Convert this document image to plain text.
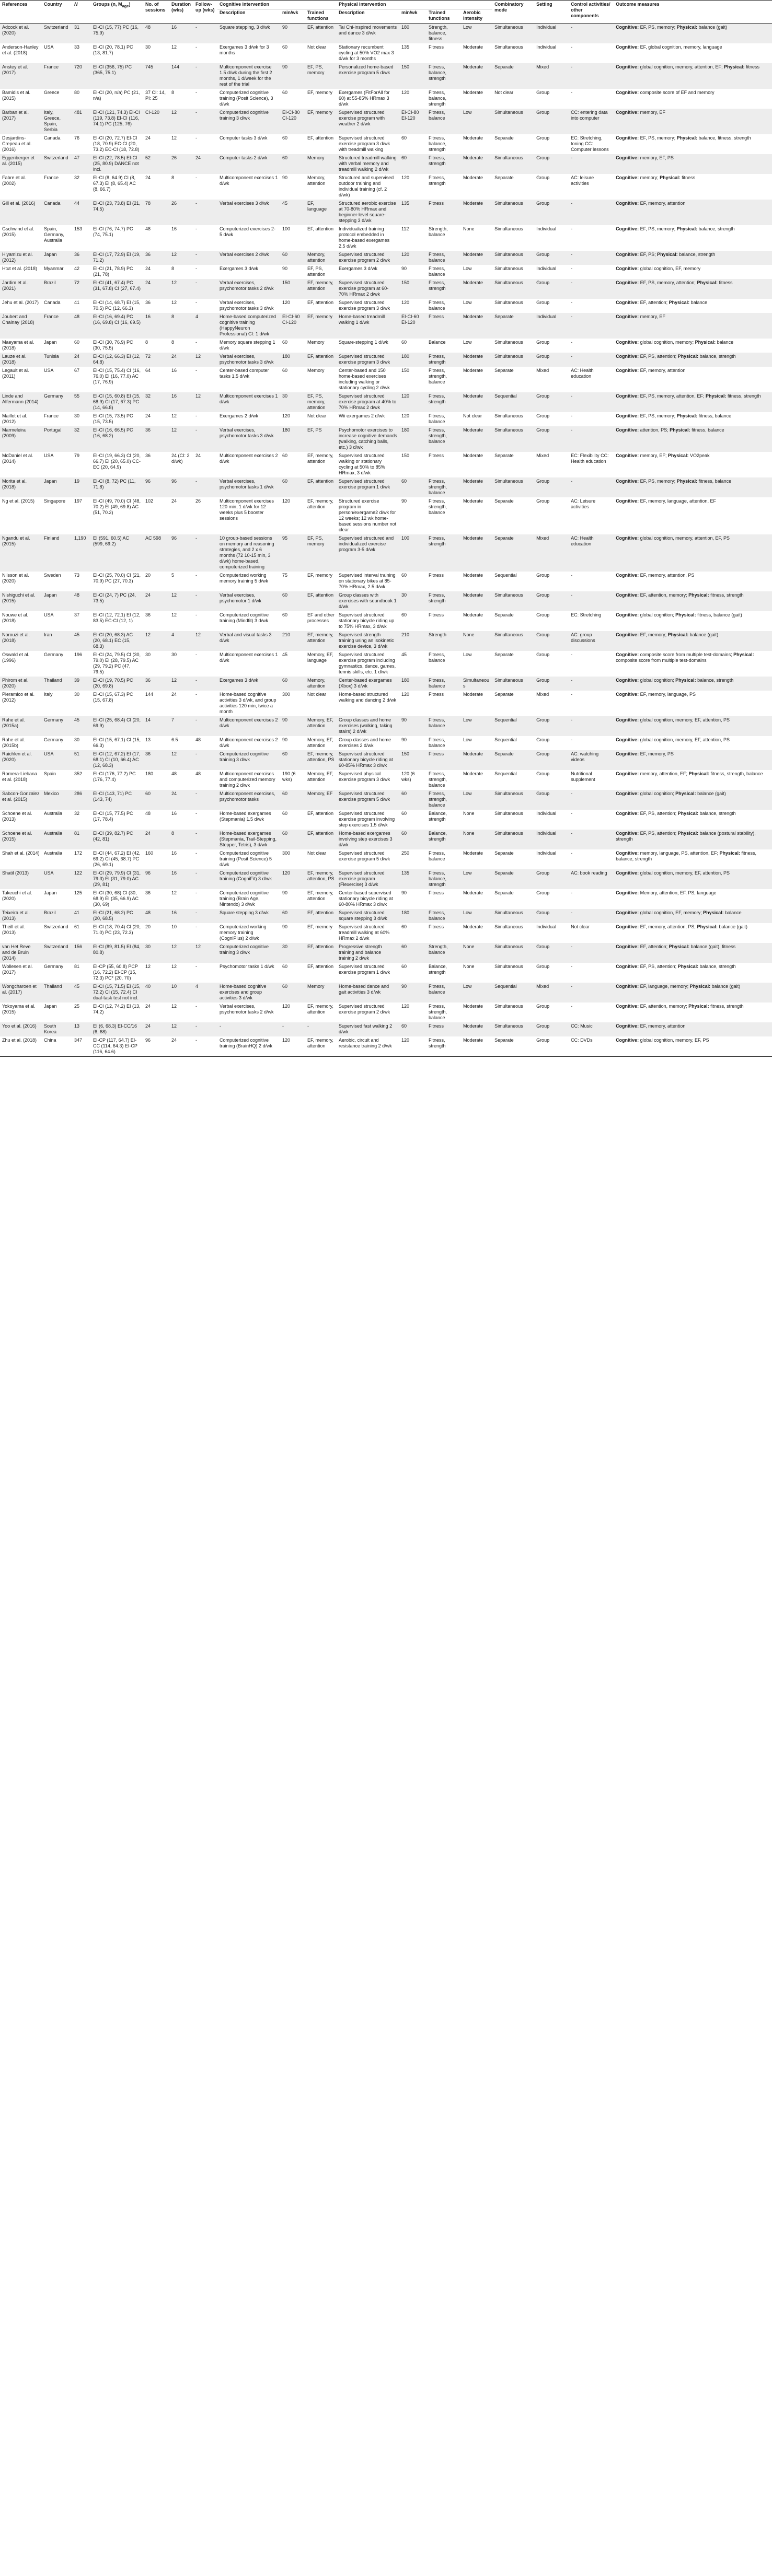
References	Country	N	Groups (n, $M_{age}$)	No. of sessions	Duration (wks)	Follow-up (wks)	Cognitive intervention			Physical intervention				Combinatory mode	Setting	Control activities/ other components	Outcome measures
							Description	min/wk	Trained functions	Description	min/wk	Trained functions	Aerobic intensity				
Adcock et al. (2020)	Switzerland	31	EI-CI (15, 77) PC (16, 75.9)	48	16	-	Square stepping, 3 d/wk	90	EF, attention	Tai Chi-inspired movements and dance 3 d/wk	180	Strength, balance, fitness	Low	Simultaneous	Individual	-	Cognitive: EF, PS, memory; Physical: balance (gait)
Anderson-Hanley et al. (2018)	USA	33	EI-CI (20, 78.1) PC (13, 81.7)	30	12	-	Exergames 3 d/wk for 3 months	60	Not clear	Stationary recumbent cycling at 50% VO2 max 3 d/wk for 3 months	135	Fitness	Moderate	Simultaneous	Individual	-	Cognitive: EF, global cognition, memory, language
Anstey et al. (2017)	France	720	EI-CI (356, 75) PC (365, 75.1)	745	144	-	Multicomponent exercise 1.5 d/wk during the first 2 months, 1 d/week for the rest of the trial	90	EF, PS, memory	Personalized home-based exercise program 5 d/wk	150	Fitness, balance, strength	Moderate	Separate	Mixed	-	Cognitive: global cognition, memory, attention, EF; Physical: fitness
Bamidis et al. (2015)	Greece	80	EI-CI (20, n/a) PC (21, n/a)	37 CI: 14, PI: 25	8	-	Computerized cognitive training (Posit Science), 3 d/wk	60	EF, memory	Exergames (FitForAll for 60) at 55-85% HRmax 3 d/wk	120	Fitness, balance, strength	Moderate	Not clear	Group	-	Cognitive: composite score of EF and memory
Barban et al. (2017)	Italy, Greece, Spain, Serbia	481	EI-CI (121, 74.3) EI-CI (119, 73.8) EI-CI (116, 74.1) PC (125, 76)	CI-120	12	-	Computerized cognitive training 3 d/wk	EI-CI-80 CI-120	EF, memory	Supervised structured exercise program with weather 2 d/wk	EI-CI-80 EI-120	Fitness, balance	Low	Simultaneous	Group	CC: entering data into computer	Cognitive: memory, EF
Desjardins-Crepeau et al. (2016)	Canada	76	EI-CI (20, 72.7) EI-CI (18, 70.9) EC-CI (20, 73.2) EC-CI (18, 72.8)	24	12	-	Computer tasks 3 d/wk	60	EF, attention	Supervised structured exercise program 3 d/wk with treadmill walking	60	Fitness, balance, strength	Moderate	Separate	Group	EC: Stretching, toning CC: Computer lessons	Cognitive: EF, PS, memory; Physical: balance, fitness, strength
Eggenberger et al. (2015)	Switzerland	47	EI-CI (22, 78.5) EI-CI (25, 80.9) DANCE not incl.	52	26	24	Computer tasks 2 d/wk	60	Memory	Structured treadmill walking with verbal memory and treadmill walking 2 d/wk	60	Fitness, strength	Moderate	Simultaneous	Group	-	Cognitive: memory, EF, PS
Fabre et al. (2002)	France	32	EI-CI (8, 64.9) CI (8, 67.3) EI (8, 65.4) AC (8, 66.7)	24	8	-	Multicomponent exercises 1 d/wk	90	Memory, attention	Structured and supervised outdoor training and individual training (cf. 2 d/wk)	120	Fitness, strength	Moderate	Separate	Group	AC: leisure activities	Cognitive: memory; Physical: fitness
Gill et al. (2016)	Canada	44	EI-CI (23, 73.8) EI (21, 74.5)	78	26	-	Verbal exercises 3 d/wk	45	EF, language	Structured aerobic exercise at 70-80% HRmax and beginner-level square-stepping 3 d/wk	135	Fitness	Moderate	Simultaneous	Group	-	Cognitive: EF, memory, attention
Gschwind et al. (2015)	Spain, Germany, Australia	153	EI-CI (76, 74.7) PC (74, 75.1)	48	16	-	Computerized exercises 2-5 d/wk	100	EF, attention	Individualized training protocol embedded in home-based exergames 2.5 d/wk	112	Strength, balance	None	Simultaneous	Individual	-	Cognitive: EF, PS, memory; Physical: balance, strength
Hiyamizu et al. (2012)	Japan	36	EI-CI (17, 72.9) EI (19, 71.2)	36	12	-	Verbal exercises 2 d/wk	60	Memory, attention	Supervised structured exercise program 2 d/wk	120	Fitness, balance	Moderate	Simultaneous	Group	-	Cognitive: EF, PS; Physical: balance, strength
Htut et al. (2018)	Myanmar	42	EI-CI (21, 78.9) PC (21, 78)	24	8	-	Exergames 3 d/wk	90	EF, PS, attention	Exergames 3 d/wk	90	Fitness, balance	Low	Simultaneous	Individual	-	Cognitive: global cognition, EF, memory
Jardim et al. (2021)	Brazil	72	EI-CI (41, 67.4) PC (31, 67.8) CI (27, 67.4)	24	12	-	Verbal exercises, psychomotor tasks 2 d/wk	150	EF, memory, attention	Supervised structured exercise program at 60-70% HRmax 2 d/wk	150	Fitness, strength	Moderate	Simultaneous	Group	-	Cognitive: EF, PS, memory, attention; Physical: fitness
Jehu et al. (2017)	Canada	41	EI-CI (14, 68.7) EI (15, 70.5) PC (12, 66.3)	36	12	-	Verbal exercises, psychomotor tasks 3 d/wk	120	EF, attention	Supervised structured exercise program 3 d/wk	120	Fitness, balance	Low	Simultaneous	Group	-	Cognitive: EF, attention; Physical: balance
Joubert and Chainay (2018)	France	48	EI-CI (16, 69.4) PC (16, 69.8) CI (16, 69.5)	16	8	4	Home-based computerized cognitive training (HappyNeuron Professional) CI: 1 d/wk	EI-CI-60 CI-120	EF, memory	Home-based treadmill walking 1 d/wk	EI-CI-60 EI-120	Fitness	Moderate	Separate	Individual	-	Cognitive: memory, EF
Maeyama et al. (2018)	Japan	60	EI-CI (30, 76.9) PC (30, 75.5)	8	8	-	Memory square stepping 1 d/wk	60	Memory	Square-stepping 1 d/wk	60	Balance	Low	Simultaneous	Group	-	Cognitive: global cognition, memory; Physical: balance
Lauze et al. (2018)	Tunisia	24	EI-CI (12, 66.3) EI (12, 64.8)	72	24	12	Verbal exercises, psychomotor tasks 3 d/wk	180	EF, attention	Supervised structured exercise program 3 d/wk	180	Fitness, strength	Moderate	Simultaneous	Group	-	Cognitive: EF, PS, attention; Physical: balance, strength
Legault et al. (2011)	USA	67	EI-CI (15, 75.4) CI (16, 76.0) EI (16, 77.0) AC (17, 76.9)	64	16	-	Center-based computer tasks 1.5 d/wk	60	Memory	Center-based and 150 home-based exercises including walking or stationary cycling 2 d/wk	150	Fitness, strength, balance	Moderate	Separate	Mixed	AC: Health education	Cognitive: EF, memory, attention
Linde and Alfermann (2014)	Germany	55	EI-CI (15, 60.8) EI (15, 68.9) CI (17, 67.3) PC (14, 66.8)	32	16	12	Multicomponent exercises 1 d/wk	30	EF, PS, memory, attention	Supervised structured exercise program at 40% to 70% HRmax 2 d/wk	120	Fitness, strength	Moderate	Sequential	Group	-	Cognitive: EF, PS, memory, attention, EF; Physical: fitness, strength
Maillot et al. (2012)	France	30	EI-CI (15, 73.5) PC (15, 73.5)	24	12	-	Exergames 2 d/wk	120	Not clear	Wii exergames 2 d/wk	120	Fitness, balance	Not clear	Simultaneous	Group	-	Cognitive: EF, PS, memory; Physical: fitness, balance
Marmeleira (2009)	Portugal	32	EI-CI (16, 66.5) PC (16, 68.2)	36	12	-	Verbal exercises, psychomotor tasks 3 d/wk	180	EF, PS	Psychomotor exercises to increase cognitive demands (walking, catching balls, etc.) 3 d/wk	180	Fitness, strength, balance	Moderate	Simultaneous	Group	-	Cognitive: attention, PS; Physical: fitness, balance
McDaniel et al. (2014)	USA	79	EI-CI (19, 66.3) CI (20, 66.7) EI (20, 65.0) CC-EC (20, 64.9)	36	24 (CI: 2 d/wk)	24	Multicomponent exercises 2 d/wk	60	EF, memory, attention	Supervised structured walking or stationary cycling at 50% to 85% HRmax, 3 d/wk	150	Fitness	Moderate	Separate	Mixed	EC: Flexibility CC: Health education	Cognitive: memory, EF; Physical: VO2peak
Morita et al. (2018)	Japan	19	EI-CI (8, 72) PC (11, 71.8)	96	96	-	Verbal exercises, psychomotor tasks 1 d/wk	60	EF, attention	Supervised structured exercise program 1 d/wk	60	Fitness, strength, balance	Moderate	Simultaneous	Group	-	Cognitive: EF, PS, memory; Physical: fitness, balance
Ng et al. (2015)	Singapore	197	EI-CI (49, 70.0) CI (48, 70.2) EI (49, 69.8) AC (51, 70.2)	102	24	26	Multicomponent exercises 120 min, 1 d/wk for 12 weeks plus 5 booster sessions	120	EF, memory, attention	Structured exercise program in person/exergame2 d/wk for 12 weeks; 12 wk home-based sessions number not clear	90	Fitness, strength, balance	Moderate	Separate	Group	AC: Leisure activities	Cognitive: EF, memory, language, attention, EF
Ngandu et al. (2015)	Finland	1,190	EI (591, 60.5) AC (599, 69.2)	AC 598	96	-	10 group-based sessions on memory and reasoning strategies, and 2 x 6 months (72 10-15 min, 3 d/wk) home-based, computerized training	95	EF, PS, memory	Supervised structured and individualized exercise program 3-5 d/wk	100	Fitness, strength	Moderate	Separate	Mixed	AC: Health education	Cognitive: global cognition, memory, attention, EF, PS
Nilsson et al. (2020)	Sweden	73	EI-CI (25, 70.0) CI (21, 70.9) PC (27, 70.3)	20	5	-	Computerized working memory training 5 d/wk	75	EF, memory	Supervised interval training on stationary bikes at 85-70% HRmax, 2.5 d/wk	60	Fitness	Moderate	Sequential	Group	-	Cognitive: EF, memory, attention, PS
Nishiguchi et al. (2015)	Japan	48	EI-CI (24, 7) PC (24, 73.5)	24	12	-	Verbal exercises, psychomotor 1 d/wk	60	EF, attention	Group classes with exercises with soundbook 1 d/wk	30	Fitness, strength	Moderate	Simultaneous	Group	-	Cognitive: EF, attention, memory; Physical: fitness, strength
Nouwe et al. (2018)	USA	37	EI-CI (12, 72.1) EI (12, 83.5) EC-CI (12, 1)	36	12	-	Computerized cognitive training (Mindfit) 3 d/wk	60	EF and other processes	Supervised structured stationary bicycle riding up to 75% HRmax, 3 d/wk	60	Fitness	Moderate	Separate	Group	EC: Stretching	Cognitive: global cognition; Physical: fitness, balance (gait)
Norouzi et al. (2018)	Iran	45	EI-CI (20, 68.3) AC (20, 68.1) EC (15, 68.3)	12	4	12	Verbal and visual tasks 3 d/wk	210	EF, memory, attention	Supervised strength training using an isokinetic exercise device, 3 d/wk	210	Strength	None	Simultaneous	Group	AC: group discussions	Cognitive: EF, memory; Physical: balance (gait)
Oswald et al. (1996)	Germany	196	EI-CI (24, 79.5) CI (30, 79.0) EI (28, 79.5) AC (29, 79.2) PC (47, 79.5)	30	30	-	Multicomponent exercises 1 d/wk	45	Memory, EF, language	Supervised structured exercise program including gymnastics, dance, games, tennis skills, etc. 1 d/wk	45	Fitness, balance	Low	Separate	Group	-	Cognitive: composite score from multiple test-domains; Physical: composite score from multiple test-domains
Phirom et al. (2020)	Thailand	39	EI-CI (19, 70.5) PC (20, 69.8)	36	12	-	Exergames 3 d/wk	60	Memory, attention	Center-based exergames (Xbox) 3 d/wk	180	Fitness, balance	Simultaneous	Simultaneous	Group	-	Cognitive: global cognition; Physical: balance, strength
Pieramico et al. (2012)	Italy	30	EI-CI (15, 67.3) PC (15, 67.8)	144	24	-	Home-based cognitive activities 3 d/wk, and group activities 120 min, twice a month	300	Not clear	Home-based structured walking and dancing 2 d/wk	120	Fitness	Moderate	Separate	Mixed	-	Cognitive: EF, memory, language, PS
Rahe et al. (2015a)	Germany	45	EI-CI (25, 68.4) CI (20, 69.9)	14	7	-	Multicomponent exercises 2 d/wk	90	Memory, EF, attention	Group classes and home exercises (walking, taking stairs) 2 d/wk	90	Fitness, balance	Low	Sequential	Group	-	Cognitive: global cognition, memory, EF, attention, PS
Rahe et al. (2015b)	Germany	30	EI-CI (15, 67.1) CI (15, 66.3)	13	6.5	48	Multicomponent exercises 2 d/wk	90	Memory, EF, attention	Group classes and home exercises 2 d/wk	90	Fitness, balance	Low	Sequential	Group	-	Cognitive: global cognition, memory, EF, attention, PS
Raichlen et al. (2020)	USA	51	EI-CI (12, 67.2) EI (17, 68.1) CI (10, 66.4) AC (12, 68.3)	36	12	-	Computerized cognitive training 3 d/wk	60	EF, memory, attention, PS	Supervised structured stationary bicycle riding at 60-85% HRmax 3 d/wk	150	Fitness	Moderate	Separate	Group	AC: watching videos	Cognitive: EF, memory, PS
Romera-Liebana et al. (2018)	Spain	352	EI-CI (176, 77.2) PC (176, 77.4)	180	48	48	Multicomponent exercises and computerized memory training 2 d/wk	190 (6 wks)	Memory, EF, attention	Supervised physical exercise program 3 d/wk	120 (6 wks)	Fitness, strength, balance	Moderate	Sequential	Group	Nutritional supplement	Cognitive: memory, attention, EF; Physical: fitness, strength, balance
Sabcon-Gonzalez et al. (2015)	Mexico	286	EI-CI (143, 71) PC (143, 74)	60	24	-	Multicomponent exercises, psychomotor tasks	60	Memory, EF	Supervised structured exercise program 5 d/wk	60	Fitness, strength, balance	Low	Simultaneous	Group	-	Cognitive: global cognition; Physical: balance (gait)
Schoene et al. (2013)	Australia	32	EI-CI (15, 77.5) PC (17, 78.4)	48	16	-	Home-based exergames (Stepmania) 1.5 d/wk	60	EF, attention	Supervised structured exercise program involving step exercises 1.5 d/wk	60	Balance, strength	None	Simultaneous	Individual	-	Cognitive: EF, PS, attention; Physical: balance, strength
Schoene et al. (2015)	Australia	81	EI-CI (39, 82.7) PC (42, 81)	24	8	-	Home-based exergames (Stepmania, Trail-Stepping, Stepper, Tetris), 3 d/wk	60	EF, attention	Home-based exergames involving step exercises 3 d/wk	60	Balance, strength	None	Simultaneous	Individual	-	Cognitive: EF, PS, attention; Physical: balance (postural stability), strength
Shah et al. (2014)	Australia	172	EI-CI (44, 67.2) EI (42, 69.2) CI (45, 68.7) PC (26, 69.1)	160	16	-	Computerized cognitive training (Posit Science) 5 d/wk	300	Not clear	Supervised structured exercise program 5 d/wk	250	Fitness, balance	Moderate	Separate	Individual	-	Cognitive: memory, language, PS, attention, EF; Physical: fitness, balance, strength
Shatil (2013)	USA	122	EI-CI (29, 79.9) CI (31, 79.3) EI (31, 79.0) AC (29, 81)	96	16	-	Computerized cognitive training (CogniFit) 3 d/wk	120	EF, memory, attention, PS	Supervised structured exercise program (Flexercise) 3 d/wk	135	Fitness, balance, strength	Low	Separate	Group	AC: book reading	Cognitive: global cognition, memory, EF, attention, PS
Takeuchi et al. (2020)	Japan	125	EI-CI (30, 68) CI (30, 68.9) EI (35, 66.9) AC (30, 69)	36	12	-	Computerized cognitive training (Brain Age, Nintendo) 3 d/wk	90	EF, memory, attention	Center-based supervised stationary bicycle riding at 60-80% HRmax 3 d/wk	90	Fitness	Moderate	Separate	Group	-	Cognitive: Memory, attention, EF, PS, language
Teixeira et al. (2013)	Brazil	41	EI-CI (21, 68.2) PC (20, 68.5)	48	16	-	Square stepping 3 d/wk	60	EF, attention	Supervised structured square stepping 3 d/wk	180	Fitness, balance	Low	Simultaneous	Group	-	Cognitive: global cognition, EF, memory; Physical: balance
Theill et al. (2013)	Switzerland	61	EI-CI (18, 70.4) CI (20, 71.0) PC (23, 72.3)	20	10	-	Computerized working memory training (CogniPlus) 2 d/wk	90	EF, memory	Supervised structured treadmill walking at 60% HRmax 2 d/wk	60	Fitness	Moderate	Simultaneous	Individual	Not clear	Cognitive: EF, memory, attention, PS; Physical: balance (gait)
van Het Reve and de Bruin (2014)	Switzerland	156	EI-CI (89, 81.5) EI (84, 80.8)	30	12	12	Computerized cognitive training 3 d/wk	30	EF, attention	Progressive strength training and balance training 2 d/wk	60	Strength, balance	None	Simultaneous	Group	-	Cognitive: EF, attention; Physical: balance (gait), fitness
Wollesen et al. (2017)	Germany	81	EI-CP (55, 60.8) PCP (16, 72.2) EI-CP (15, 72.3) PC* (20, 70)	12	12	-	Psychomotor tasks 1 d/wk	60	EF, attention	Supervised structured exercise program 1 d/wk	60	Balance, strength	None	Simultaneous	Group	-	Cognitive: EF, PS, attention; Physical: balance, strength
Wongcharoen et al. (2017)	Thailand	45	EI-CI (15, 71.5) EI (15, 72.2) CI (15, 72.4) CI dual-task test not incl.	40	10	4	Home-based cognitive exercises and group activities 3 d/wk	60	Memory	Home-based dance and gait activities 3 d/wk	90	Fitness, balance	Low	Sequential	Mixed	-	Cognitive: EF, language, memory; Physical: balance (gait)
Yokoyama et al. (2015)	Japan	25	EI-CI (12, 74.2) EI (13, 74.2)	24	12	-	Verbal exercises, psychomotor tasks 2 d/wk	120	EF, memory, attention	Supervised structured exercise program 2 d/wk	120	Fitness, strength, balance	Moderate	Simultaneous	Group	-	Cognitive: EF, attention, memory; Physical: fitness, strength
Yoo et al. (2016)	South Korea	13	EI (6, 68.3) EI-CC/16 (6, 68)	24	12	-	-	-	-	Supervised fast walking 2 d/wk	60	Fitness	Moderate	Simultaneous	Group	CC: Music	Cognitive: EF, memory, attention
Zhu et al. (2018)	China	347	EI-CP (117, 64.7) EI-CC (114, 64.3) EI-CP (116, 64.6)	96	24	-	Computerized cognitive training (BrainHQ) 2 d/wk	120	EF, memory, attention	Aerobic, circuit and resistance training 2 d/wk	120	Fitness, strength	Moderate	Separate	Group	CC: DVDs	Cognitive: global cognition, memory, EF, PS
